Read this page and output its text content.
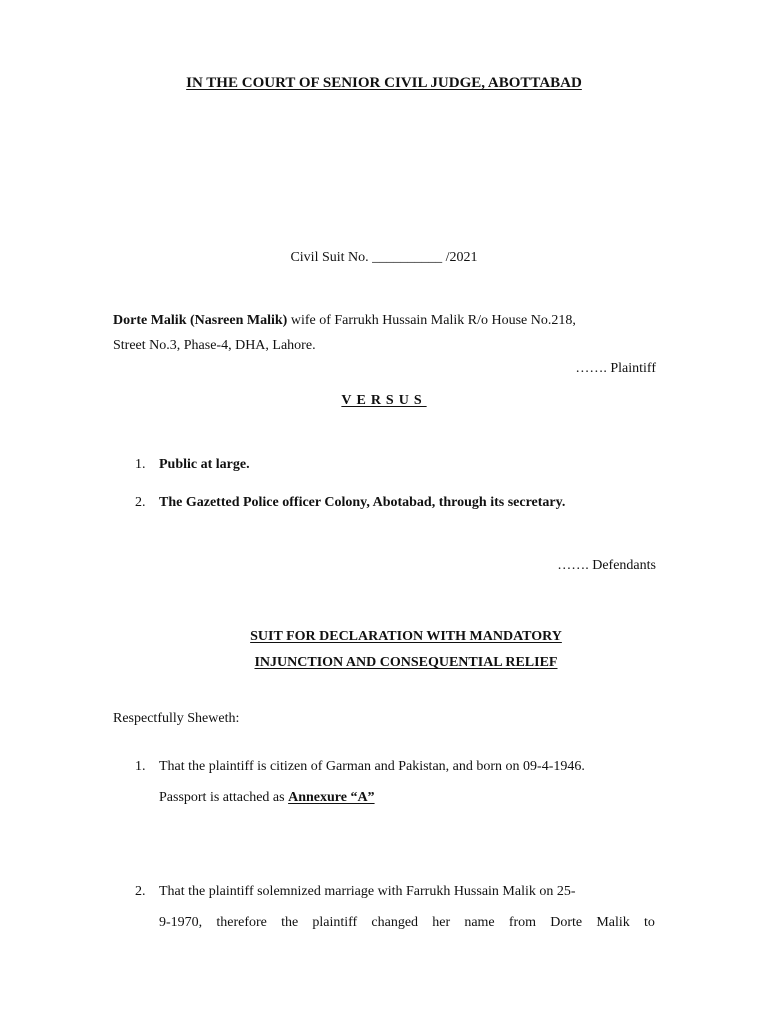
IN THE COURT OF SENIOR CIVIL JUDGE, ABOTTABAD
Civil Suit No. __________ /2021
Dorte Malik (Nasreen Malik) wife of Farrukh Hussain Malik R/o House No.218,
Street No.3, Phase-4, DHA, Lahore.
……. Plaintiff
VERSUS
1. Public at large.
2. The Gazetted Police officer Colony, Abotabad, through its secretary.
……. Defendants
SUIT FOR DECLARATION WITH MANDATORY
INJUNCTION AND CONSEQUENTIAL RELIEF
Respectfully Sheweth:
1. That the plaintiff is citizen of Garman and Pakistan, and born on 09-4-1946.
Passport is attached as Annexure “A”
2. That the plaintiff solemnized marriage with Farrukh Hussain Malik on 25-
9-1970, therefore the plaintiff changed her name from Dorte Malik to
